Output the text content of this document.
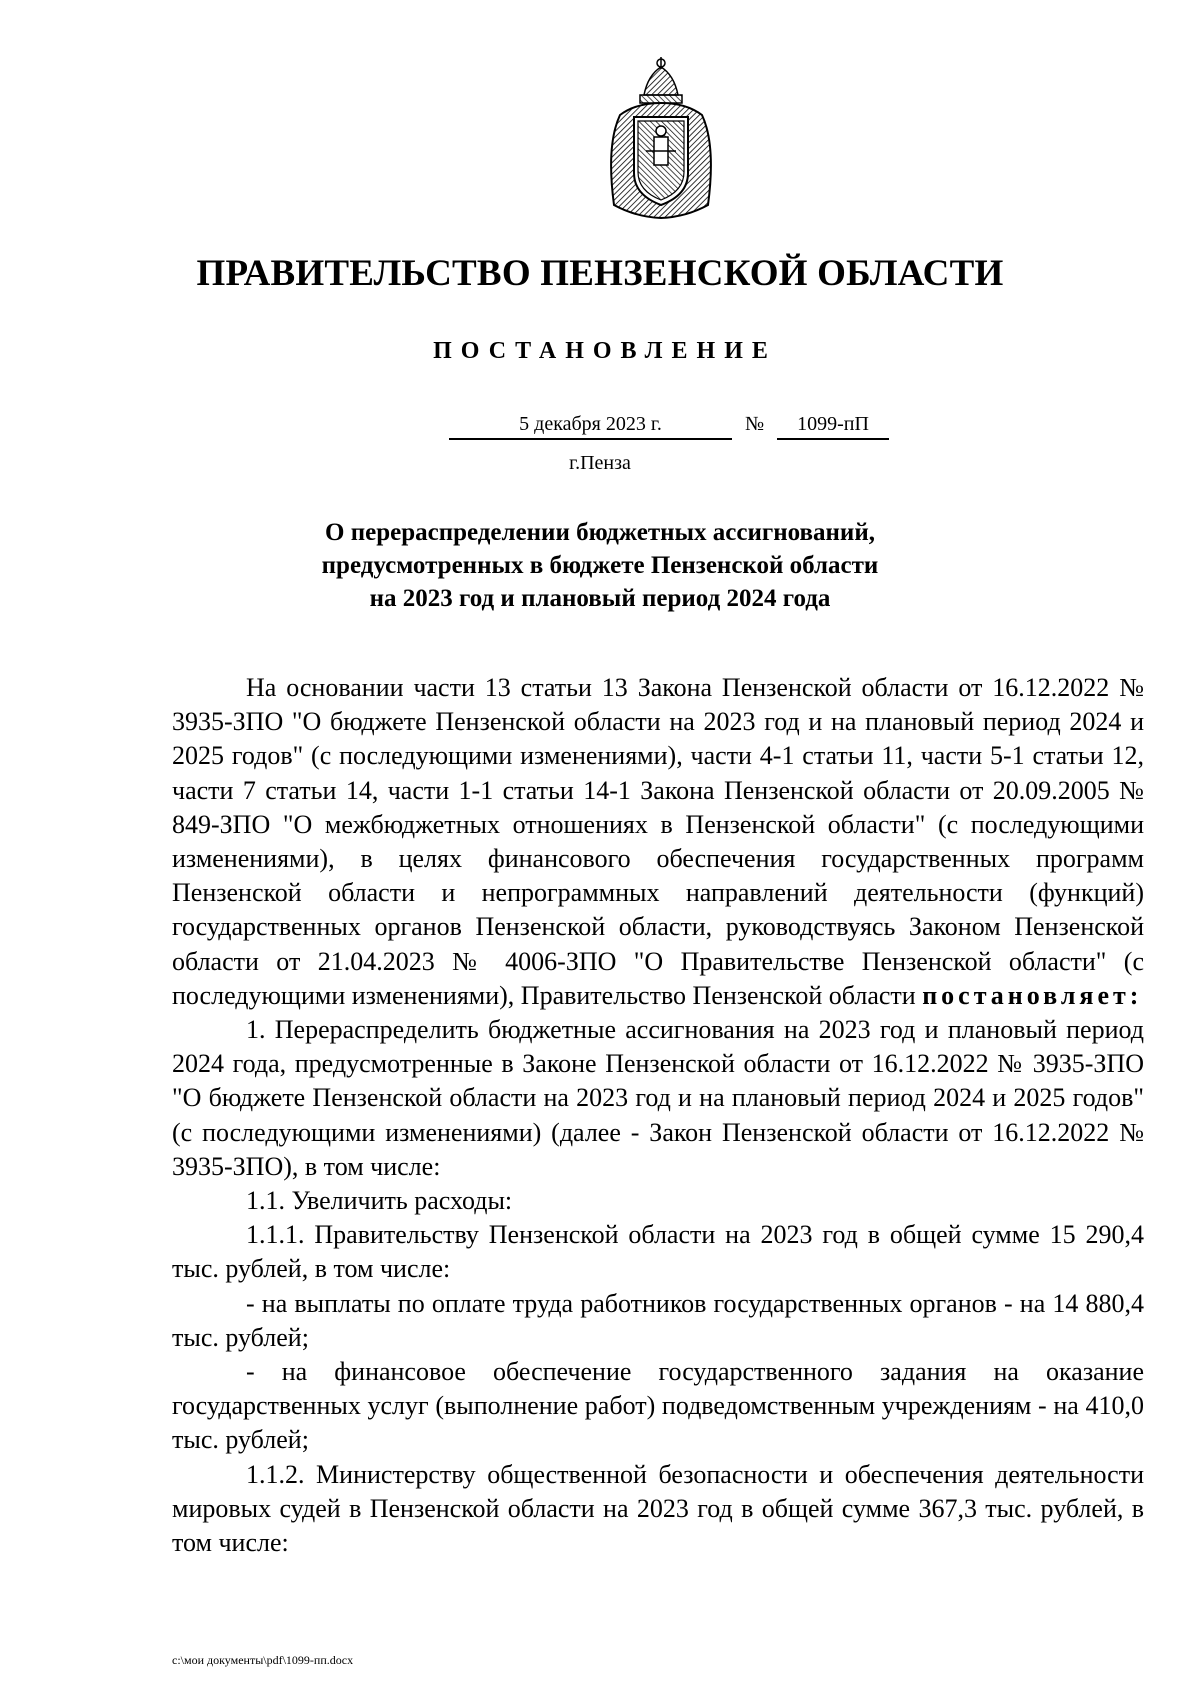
ПРАВИТЕЛЬСТВО ПЕНЗЕНСКОЙ ОБЛАСТИ
ПОСТАНОВЛЕНИЕ
5 декабря 2023 г.	№	1099-пП
г.Пенза
О перераспределении бюджетных ассигнований,
предусмотренных в бюджете Пензенской области
на 2023 год и плановый период 2024 года

На основании части 13 статьи 13 Закона Пензенской области от 16.12.2022 № 3935-ЗПО "О бюджете Пензенской области на 2023 год и на плановый период 2024 и 2025 годов" (с последующими изменениями), части 4-1 статьи 11, части 5-1 статьи 12, части 7 статьи 14, части 1-1 статьи 14-1 Закона Пензенской области от 20.09.2005 № 849-ЗПО "О межбюджетных отношениях в Пензенской области" (с последующими изменениями), в целях финансового обеспечения государственных программ Пензенской области и непрограммных направлений деятельности (функций) государственных органов Пензенской области, руководствуясь Законом Пензенской области от 21.04.2023 № 4006-ЗПО "О Правительстве Пензенской области" (с последующими изменениями), Правительство Пензенской области постановляет:

1. Перераспределить бюджетные ассигнования на 2023 год и плановый период 2024 года, предусмотренные в Законе Пензенской области от 16.12.2022 № 3935-ЗПО "О бюджете Пензенской области на 2023 год и на плановый период 2024 и 2025 годов" (с последующими изменениями) (далее - Закон Пензенской области от 16.12.2022 № 3935-ЗПО), в том числе:

1.1. Увеличить расходы:

1.1.1. Правительству Пензенской области на 2023 год в общей сумме 15 290,4 тыс. рублей, в том числе:

- на выплаты по оплате труда работников государственных органов - на 14 880,4 тыс. рублей;

- на финансовое обеспечение государственного задания на оказание государственных услуг (выполнение работ) подведомственным учреждениям - на 410,0 тыс. рублей;

1.1.2. Министерству общественной безопасности и обеспечения деятельности мировых судей в Пензенской области на 2023 год в общей сумме 367,3 тыс. рублей, в том числе:

c:\мои документы\pdf\1099-пп.docx
